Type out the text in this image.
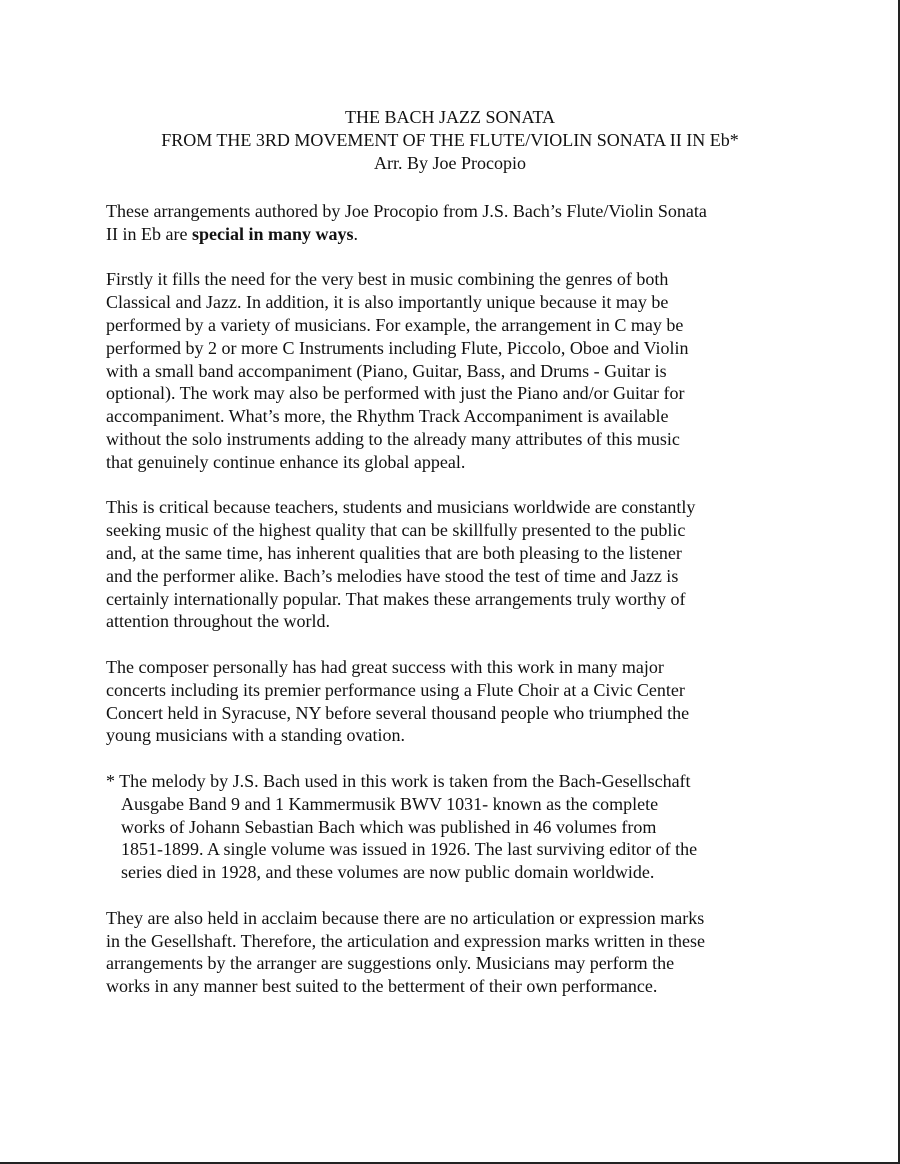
THE BACH JAZZ SONATA
FROM THE 3RD MOVEMENT OF THE FLUTE/VIOLIN SONATA II IN Eb*
Arr. By Joe Procopio
These arrangements authored by Joe Procopio from J.S. Bach’s Flute/Violin Sonata
II in Eb are special in many ways.
Firstly it fills the need for the very best in music combining the genres of both
Classical and Jazz. In addition, it is also importantly unique because it may be
performed by a variety of musicians. For example, the arrangement in C may be
performed by 2 or more C Instruments including Flute, Piccolo, Oboe and Violin
with a small band accompaniment (Piano, Guitar, Bass, and Drums - Guitar is
optional). The work may also be performed with just the Piano and/or Guitar for
accompaniment. What’s more, the Rhythm Track Accompaniment is available
without the solo instruments adding to the already many attributes of this music
that genuinely continue enhance its global appeal.
This is critical because teachers, students and musicians worldwide are constantly
seeking music of the highest quality that can be skillfully presented to the public
and, at the same time, has inherent qualities that are both pleasing to the listener
and the performer alike. Bach’s melodies have stood the test of time and Jazz is
certainly internationally popular. That makes these arrangements truly worthy of
attention throughout the world.
The composer personally has had great success with this work in many major
concerts including its premier performance using a Flute Choir at a Civic Center
Concert held in Syracuse, NY before several thousand people who triumphed the
young musicians with a standing ovation.
* The melody by J.S. Bach used in this work is taken from the Bach-Gesellschaft
Ausgabe Band 9 and 1 Kammermusik BWV 1031- known as the complete
works of Johann Sebastian Bach which was published in 46 volumes from
1851-1899. A single volume was issued in 1926. The last surviving editor of the
series died in 1928, and these volumes are now public domain worldwide.
They are also held in acclaim because there are no articulation or expression marks
in the Gesellshaft. Therefore, the articulation and expression marks written in these
arrangements by the arranger are suggestions only. Musicians may perform the
works in any manner best suited to the betterment of their own performance.
